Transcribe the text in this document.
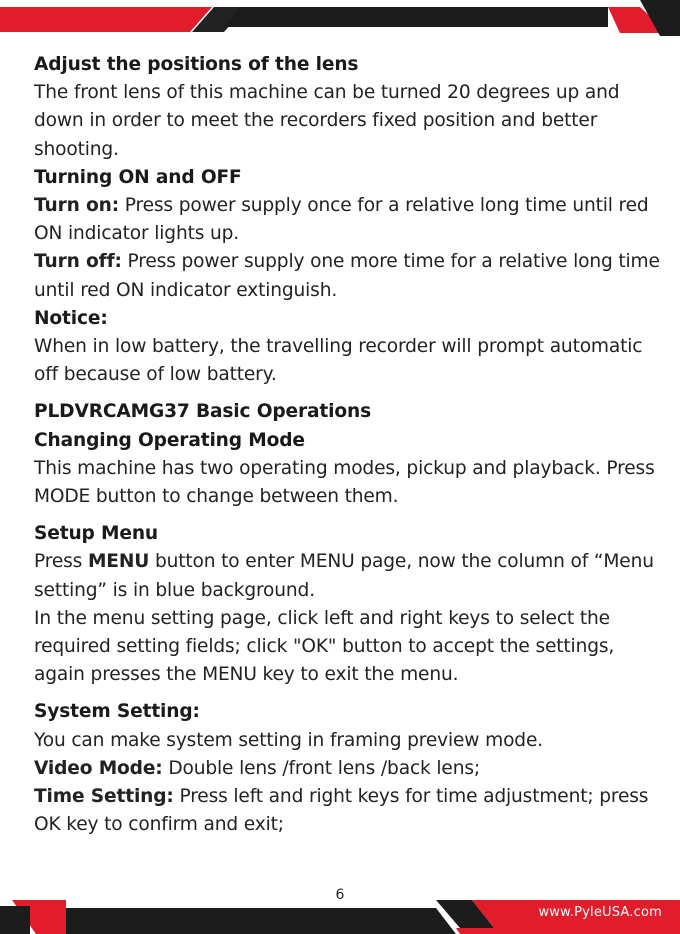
Adjust the positions of the lens

The front lens of this machine can be turned 20 degrees up and down in order to meet the recorders fixed position and better shooting.

Turning ON and OFF

Turn on: Press power supply once for a relative long time until red ON indicator lights up.

Turn off: Press power supply one more time for a relative long time until red ON indicator extinguish.

Notice:

When in low battery, the travelling recorder will prompt automatic off because of low battery.

PLDVRCAMG37 Basic Operations

Changing Operating Mode

This machine has two operating modes, pickup and playback. Press MODE button to change between them.

Setup Menu

Press MENU button to enter MENU page, now the column of “Menu setting” is in blue background.

In the menu setting page, click left and right keys to select the required setting fields; click "OK" button to accept the settings, again presses the MENU key to exit the menu.

System Setting:

You can make system setting in framing preview mode.

Video Mode: Double lens /front lens /back lens;

Time Setting: Press left and right keys for time adjustment; press OK key to confirm and exit;

6
www.PyleUSA.com
